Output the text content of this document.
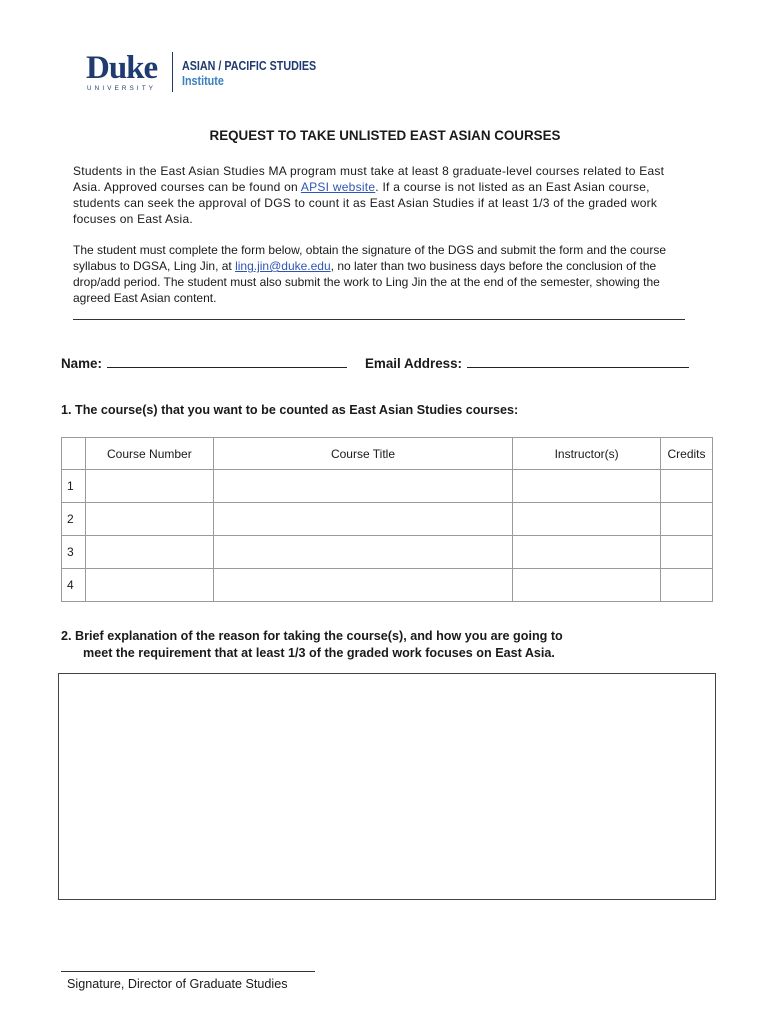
Duke
UNIVERSITY
ASIAN / PACIFIC STUDIES
Institute
REQUEST TO TAKE UNLISTED EAST ASIAN COURSES
Students in the East Asian Studies MA program must take at least 8 graduate-level courses related to East Asia. Approved courses can be found on APSI website. If a course is not listed as an East Asian course, students can seek the approval of DGS to count it as East Asian Studies if at least 1/3 of the graded work focuses on East Asia.
The student must complete the form below, obtain the signature of the DGS and submit the form and the course syllabus to DGSA, Ling Jin, at ling.jin@duke.edu, no later than two business days before the conclusion of the drop/add period. The student must also submit the work to Ling Jin the at the end of the semester, showing the agreed East Asian content.
Name:	Email Address:
1. The course(s) that you want to be counted as East Asian Studies courses:
	Course Number	Course Title	Instructor(s)	Credits
1				
2				
3				
4				
2. Brief explanation of the reason for taking the course(s), and how you are going to
meet the requirement that at least 1/3 of the graded work focuses on East Asia.
Signature, Director of Graduate Studies
